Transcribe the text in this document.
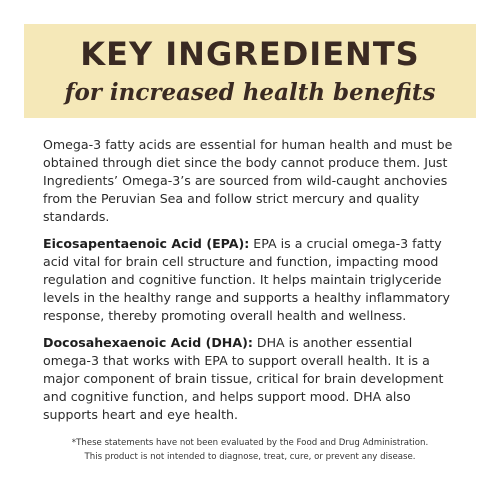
KEY INGREDIENTS
for increased health benefits

Omega-3 fatty acids are essential for human health and must be obtained through diet since the body cannot produce them. Just Ingredients’ Omega-3’s are sourced from wild-caught anchovies from the Peruvian Sea and follow strict mercury and quality standards.

Eicosapentaenoic Acid (EPA): EPA is a crucial omega-3 fatty acid vital for brain cell structure and function, impacting mood regulation and cognitive function. It helps maintain triglyceride levels in the healthy range and supports a healthy inflammatory response, thereby promoting overall health and wellness.

Docosahexaenoic Acid (DHA): DHA is another essential omega-3 that works with EPA to support overall health. It is a major component of brain tissue, critical for brain development and cognitive function, and helps support mood. DHA also supports heart and eye health.

*These statements have not been evaluated by the Food and Drug Administration.
This product is not intended to diagnose, treat, cure, or prevent any disease.
